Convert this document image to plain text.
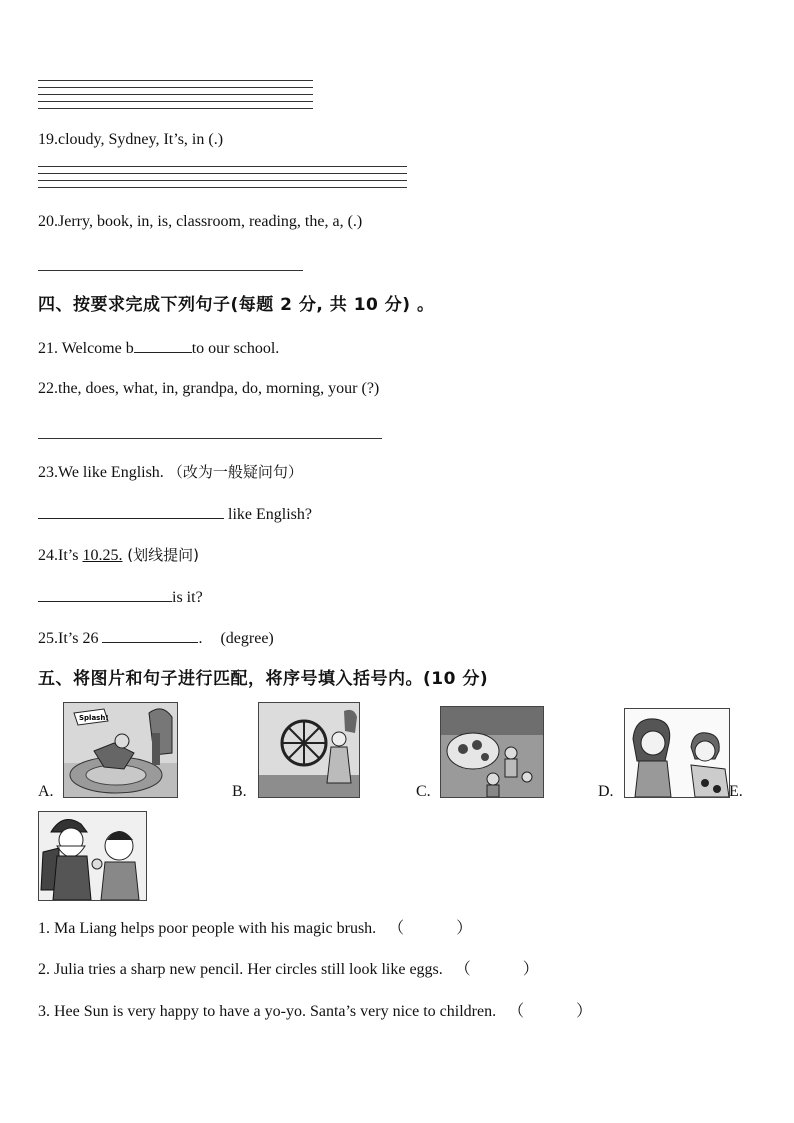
19.cloudy, Sydney, It’s, in (.)
20.Jerry, book, in, is, classroom, reading, the, a, (.)
四、按要求完成下列句子(每题 2 分, 共 10 分) 。
21. Welcome b	to our school.
22.the, does, what, in, grandpa, do, morning, your (?)
23.We like English. （改为一般疑问句）
like English?
24.It’s 10.25. (划线提问)
is it?
25.It’s 26	. (degree)
五、将图片和句子进行匹配，将序号填入括号内。(10 分)
A.
Splash!
B.	C.	D.	E.
1. Ma Liang helps poor people with his magic brush. （	）
2. Julia tries a sharp new pencil. Her circles still look like eggs. （	）
3. Hee Sun is very happy to have a yo-yo. Santa’s very nice to children. （	）
